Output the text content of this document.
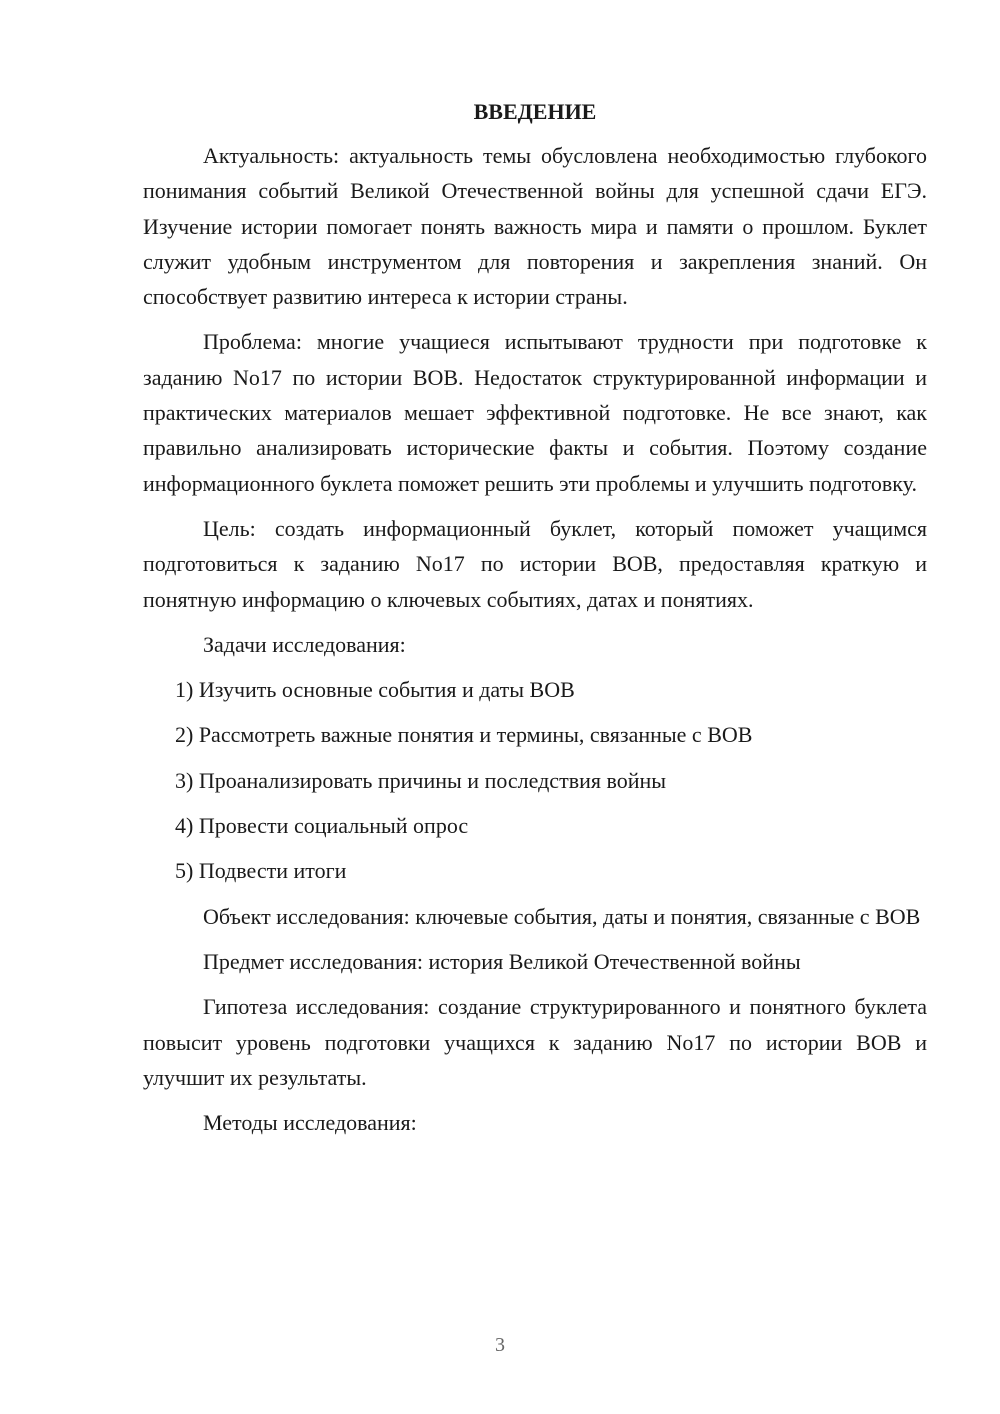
ВВЕДЕНИЕ

Актуальность: актуальность темы обусловлена необходимостью глубокого понимания событий Великой Отечественной войны для успешной сдачи ЕГЭ. Изучение истории помогает понять важность мира и памяти о прошлом. Буклет служит удобным инструментом для повторения и закрепления знаний. Он способствует развитию интереса к истории страны.

Проблема: многие учащиеся испытывают трудности при подготовке к заданию No17 по истории ВОВ. Недостаток структурированной информации и практических материалов мешает эффективной подготовке. Не все знают, как правильно анализировать исторические факты и события. Поэтому создание информационного буклета поможет решить эти проблемы и улучшить подготовку.

Цель: создать информационный буклет, который поможет учащимся подготовиться к заданию No17 по истории ВОВ, предоставляя краткую и понятную информацию о ключевых событиях, датах и понятиях.

Задачи исследования:

1) Изучить основные события и даты ВОВ
2) Рассмотреть важные понятия и термины, связанные с ВОВ
3) Проанализировать причины и последствия войны
4) Провести социальный опрос
5) Подвести итоги

Объект исследования: ключевые события, даты и понятия, связанные с ВОВ

Предмет исследования: история Великой Отечественной войны

Гипотеза исследования: создание структурированного и понятного буклета повысит уровень подготовки учащихся к заданию No17 по истории ВОВ и улучшит их результаты.

Методы исследования:

3
